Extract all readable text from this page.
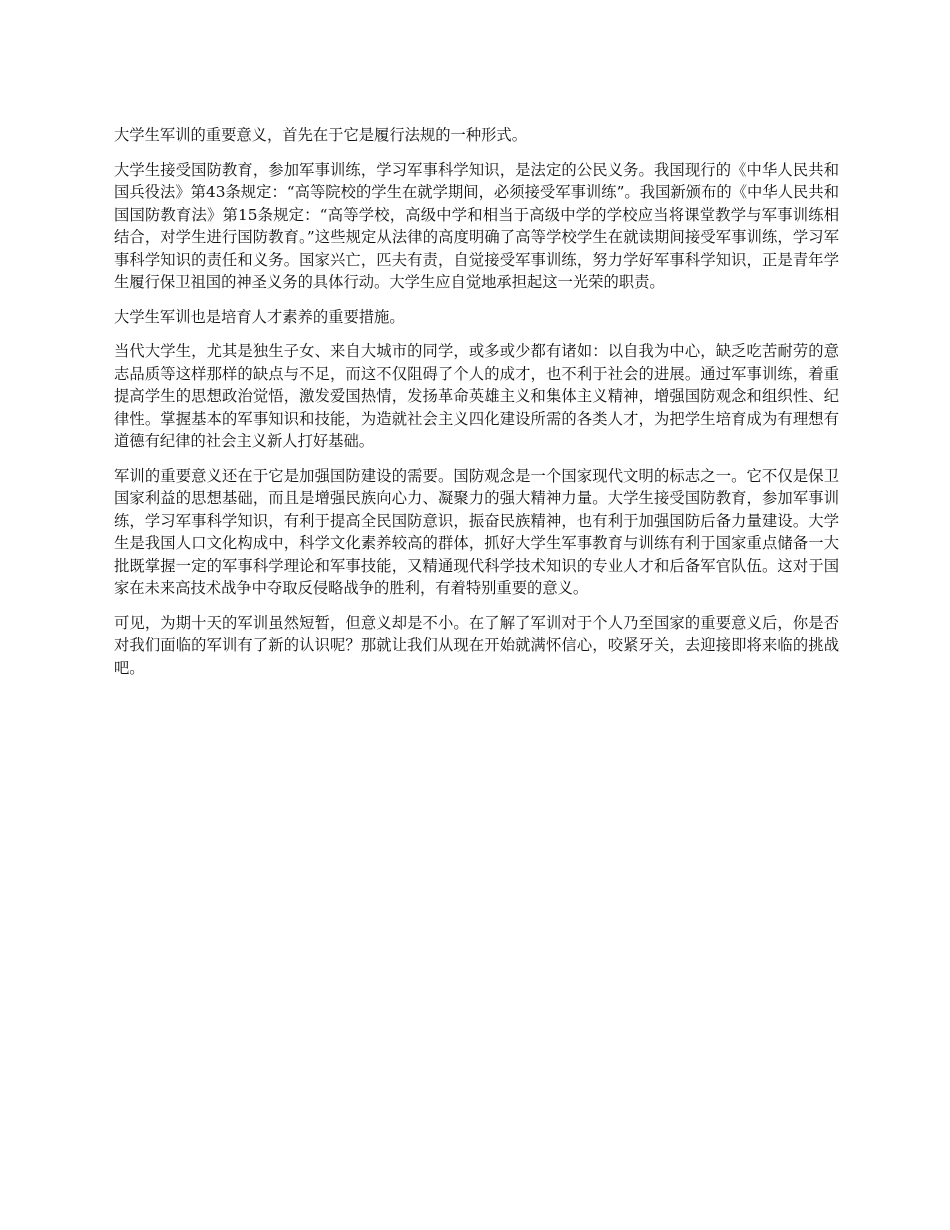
大学生军训的重要意义，首先在于它是履行法规的一种形式。

大学生接受国防教育，参加军事训练，学习军事科学知识，是法定的公民义务。我国现行的《中华人民共和国兵役法》第43条规定：“高等院校的学生在就学期间，必须接受军事训练”。我国新颁布的《中华人民共和国国防教育法》第15条规定：“高等学校，高级中学和相当于高级中学的学校应当将课堂教学与军事训练相结合，对学生进行国防教育。”这些规定从法律的高度明确了高等学校学生在就读期间接受军事训练，学习军事科学知识的责任和义务。国家兴亡，匹夫有责，自觉接受军事训练，努力学好军事科学知识，正是青年学生履行保卫祖国的神圣义务的具体行动。大学生应自觉地承担起这一光荣的职责。

大学生军训也是培育人才素养的重要措施。

当代大学生，尤其是独生子女、来自大城市的同学，或多或少都有诸如：以自我为中心，缺乏吃苦耐劳的意志品质等这样那样的缺点与不足，而这不仅阻碍了个人的成才，也不利于社会的进展。通过军事训练，着重提高学生的思想政治觉悟，激发爱国热情，发扬革命英雄主义和集体主义精神，增强国防观念和组织性、纪律性。掌握基本的军事知识和技能，为造就社会主义四化建设所需的各类人才，为把学生培育成为有理想有道德有纪律的社会主义新人打好基础。

军训的重要意义还在于它是加强国防建设的需要。国防观念是一个国家现代文明的标志之一。它不仅是保卫国家利益的思想基础，而且是增强民族向心力、凝聚力的强大精神力量。大学生接受国防教育，参加军事训练，学习军事科学知识，有利于提高全民国防意识，振奋民族精神，也有利于加强国防后备力量建设。大学生是我国人口文化构成中，科学文化素养较高的群体，抓好大学生军事教育与训练有利于国家重点储备一大批既掌握一定的军事科学理论和军事技能，又精通现代科学技术知识的专业人才和后备军官队伍。这对于国家在未来高技术战争中夺取反侵略战争的胜利，有着特别重要的意义。

可见，为期十天的军训虽然短暂，但意义却是不小。在了解了军训对于个人乃至国家的重要意义后，你是否对我们面临的军训有了新的认识呢？那就让我们从现在开始就满怀信心，咬紧牙关，去迎接即将来临的挑战吧。
